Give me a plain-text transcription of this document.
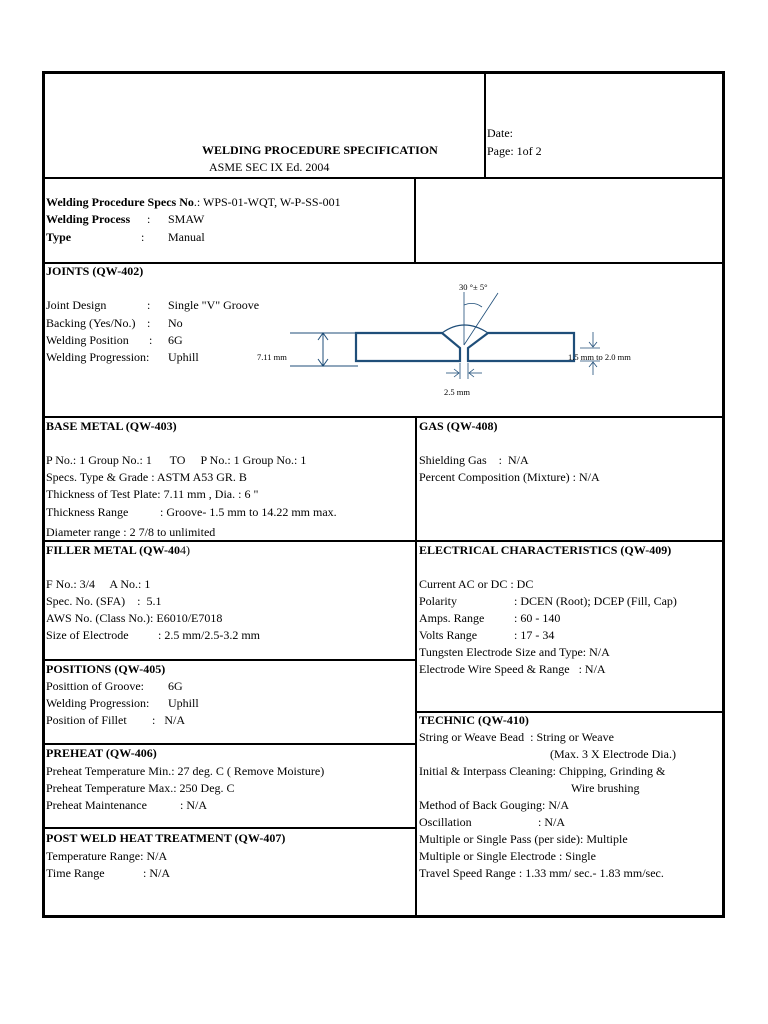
WELDING PROCEDURE SPECIFICATION
ASME SEC IX Ed. 2004
Date:
Page: 1of 2
Welding Procedure Specs No.: WPS-01-WQT, W-P-SS-001
Welding Process : SMAW
Type	: Manual
JOINTS (QW-402)
Joint Design	: Single "V" Groove
Backing (Yes/No.) : No
Welding Position : 6G
Welding Progression: Uphill
30 °± 5°
7.11 mm	1.5 mm to 2.0 mm
2.5 mm
BASE METAL (QW-403)
P No.: 1 Group No.: 1      TO     P No.: 1 Group No.: 1
Specs. Type & Grade : ASTM A53 GR. B
Thickness of Test Plate: 7.11 mm , Dia. : 6 "
Thickness Range	: Groove- 1.5 mm to 14.22 mm max.
Diameter range : 2 7/8 to unlimited
GAS (QW-408)
Shielding Gas    :  N/A
Percent Composition (Mixture) : N/A
FILLER METAL (QW-404)
F No.: 3/4     A No.: 1
Spec. No. (SFA)    :  5.1
AWS No. (Class No.): E6010/E7018
Size of Electrode : 2.5 mm/2.5-3.2 mm
ELECTRICAL CHARACTERISTICS (QW-409)
Current AC or DC : DC
Polarity	: DCEN (Root); DCEP (Fill, Cap)
Amps. Range : 60 - 140
Volts Range	: 17 - 34
Tungsten Electrode Size and Type: N/A
Electrode Wire Speed & Range   : N/A
POSITIONS (QW-405)
Posittion of Groove: 6G
Welding Progression: Uphill
Position of Fillet :   N/A	TECHNIC (QW-410)
String or Weave Bead  : String or Weave
(Max. 3 X Electrode Dia.)
Initial & Interpass Cleaning: Chipping, Grinding &
Wire brushing
Method of Back Gouging: N/A
Oscillation	: N/A
Multiple or Single Pass (per side): Multiple
Multiple or Single Electrode : Single
Travel Speed Range : 1.33 mm/ sec.- 1.83 mm/sec.
PREHEAT (QW-406)
Preheat Temperature Min.: 27 deg. C ( Remove Moisture)
Preheat Temperature Max.: 250 Deg. C
Preheat Maintenance	: N/A
POST WELD HEAT TREATMENT (QW-407)
Temperature Range: N/A
Time Range	: N/A
